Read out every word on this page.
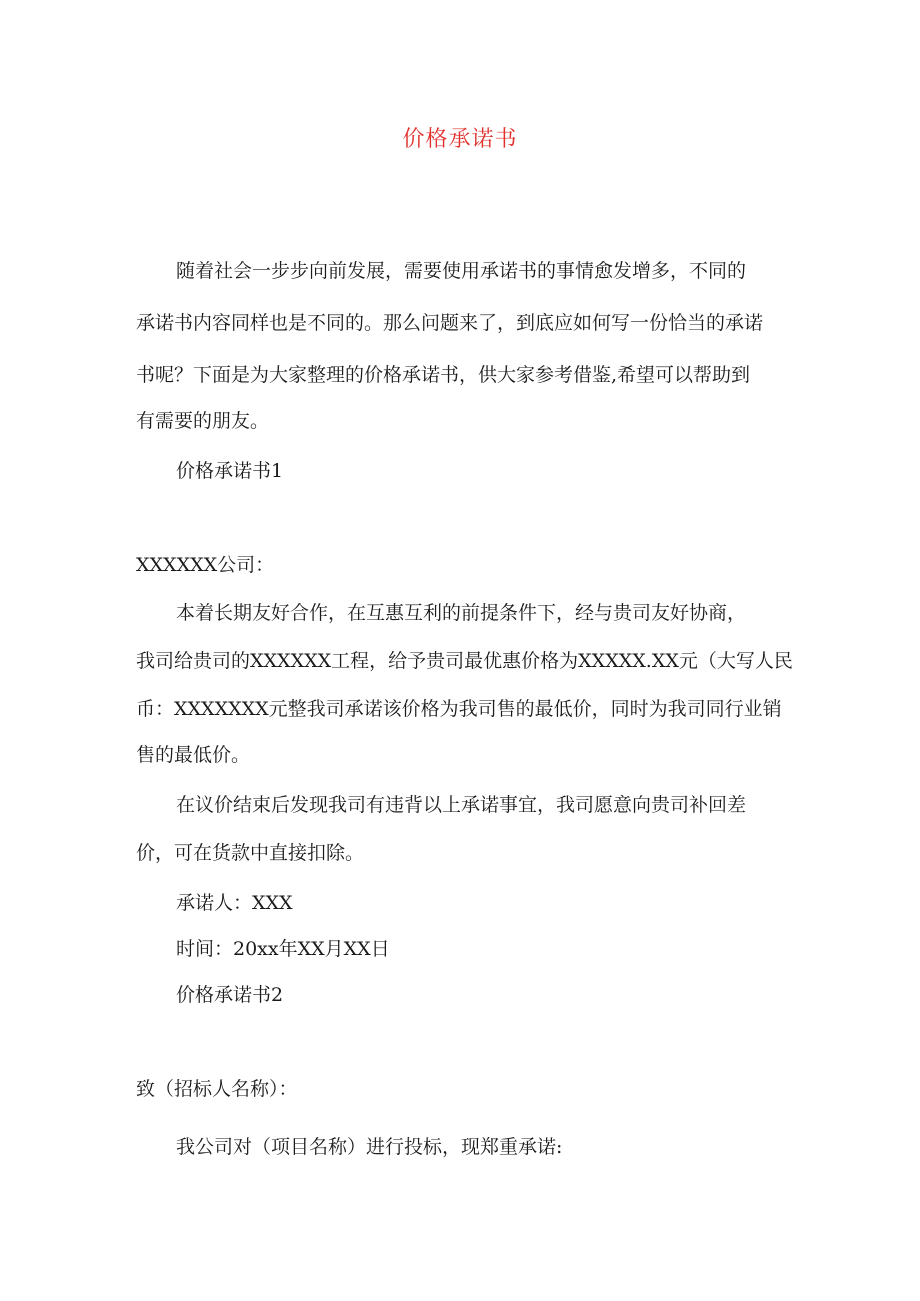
价格承诺书
随着社会一步步向前发展，需要使用承诺书的事情愈发增多，不同的
承诺书内容同样也是不同的。那么问题来了，到底应如何写一份恰当的承诺
书呢？下面是为大家整理的价格承诺书，供大家参考借鉴,希望可以帮助到
有需要的朋友。
价格承诺书1
XXXXXX公司：
本着长期友好合作，在互惠互利的前提条件下，经与贵司友好协商，
我司给贵司的XXXXXX工程，给予贵司最优惠价格为XXXXX.XX元（大写人民
币：XXXXXXX元整我司承诺该价格为我司售的最低价，同时为我司同行业销
售的最低价。
在议价结束后发现我司有违背以上承诺事宜，我司愿意向贵司补回差
价，可在货款中直接扣除。
承诺人：XXX
时间：20xx年XX月XX日
价格承诺书2
致（招标人名称）：
我公司对（项目名称）进行投标，现郑重承诺:
